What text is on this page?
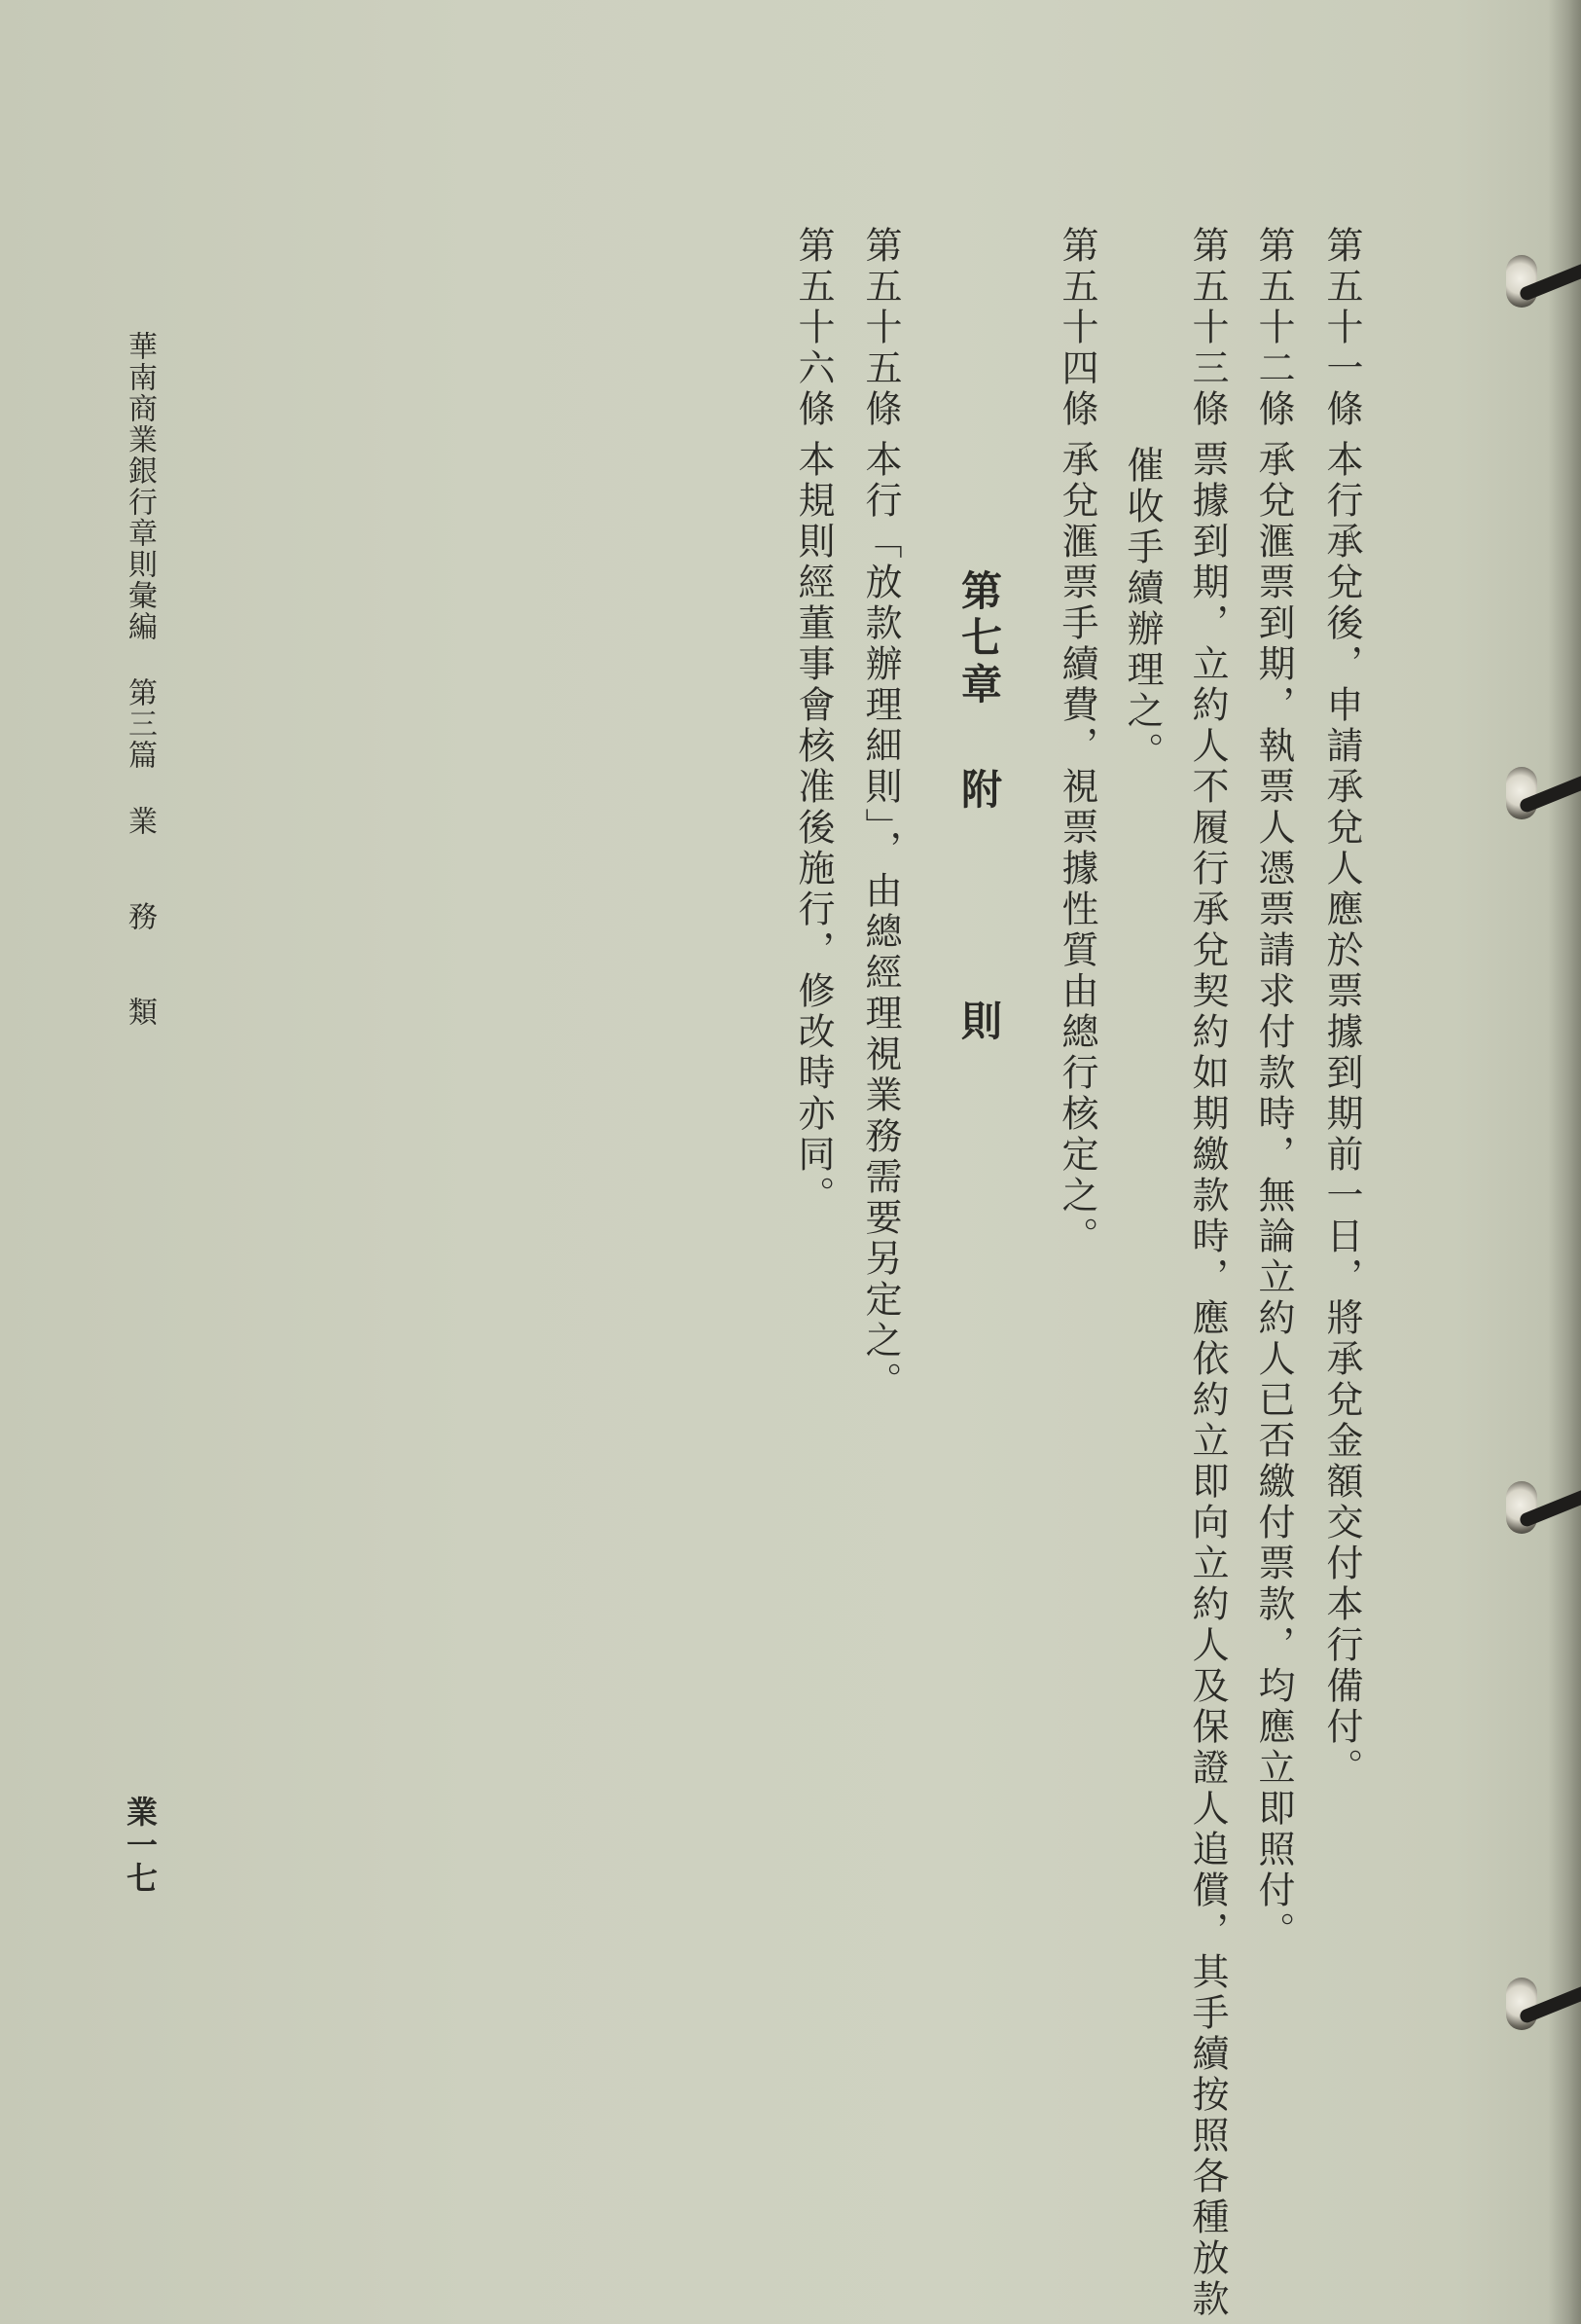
第五十一條本行承兌後，申請承兌人應於票據到期前一日，將承兌金額交付本行備付。
第五十二條承兌滙票到期，執票人憑票請求付款時，無論立約人已否繳付票款，均應立即照付。
第五十三條票據到期，立約人不履行承兌契約如期繳款時，應依約立即向立約人及保證人追償，其手續按照各種放款
催收手續辦理之。
第五十四條承兌滙票手續費，視票據性質由總行核定之。
第七章附則
第五十五條本行「放款辦理細則」，由總經理視業務需要另定之。
第五十六條本規則經董事會核准後施行，修改時亦同。
華南商業銀行章則彙編第三篇業務類
業一七
